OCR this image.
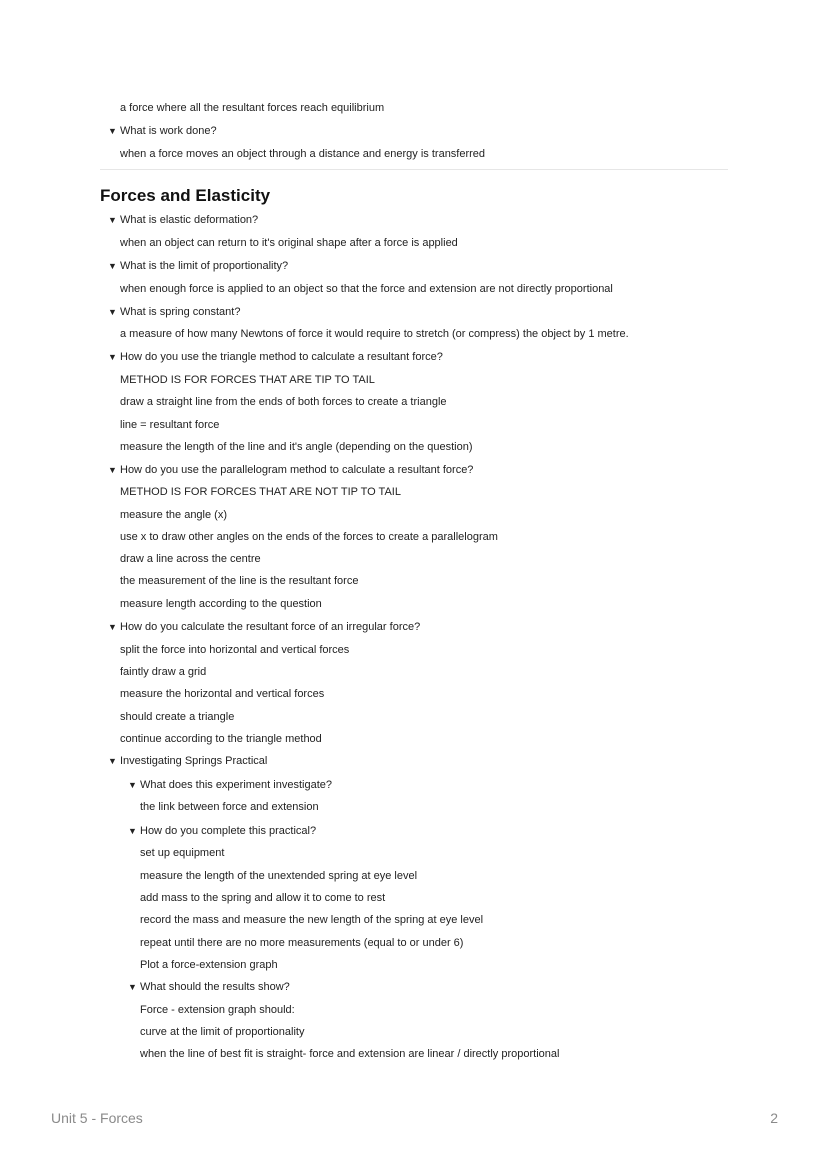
a force where all the resultant forces reach equilibrium
▼ What is work done?
when a force moves an object through a distance and energy is transferred
Forces and Elasticity
▼ What is elastic deformation?
when an object can return to it's original shape after a force is applied
▼ What is the limit of proportionality?
when enough force is applied to an object so that the force and extension are not directly proportional
▼ What is spring constant?
a measure of how many Newtons of force it would require to stretch (or compress) the object by 1 metre.
▼ How do you use the triangle method to calculate a resultant force?
METHOD IS FOR FORCES THAT ARE TIP TO TAIL
draw a straight line from the ends of both forces to create a triangle
line = resultant force
measure the length of the line and it's angle (depending on the question)
▼ How do you use the parallelogram method to calculate a resultant force?
METHOD IS FOR FORCES THAT ARE NOT TIP TO TAIL
measure the angle (x)
use x to draw other angles on the ends of the forces to create a parallelogram
draw a line across the centre
the measurement of the line is the resultant force
measure length according to the question
▼ How do you calculate the resultant force of an irregular force?
split the force into horizontal and vertical forces
faintly draw a grid
measure the horizontal and vertical forces
should create a triangle
continue according to the triangle method
▼ Investigating Springs Practical
▼ What does this experiment investigate?
the link between force and extension
▼ How do you complete this practical?
set up equipment
measure the length of the unextended spring at eye level
add mass to the spring and allow it to come to rest
record the mass and measure the new length of the spring at eye level
repeat until there are no more measurements (equal to or under 6)
Plot a force-extension graph
▼ What should the results show?
Force - extension graph should:
curve at the limit of proportionality
when the line of best fit is straight- force and extension are linear / directly proportional
Unit 5 - Forces	2
